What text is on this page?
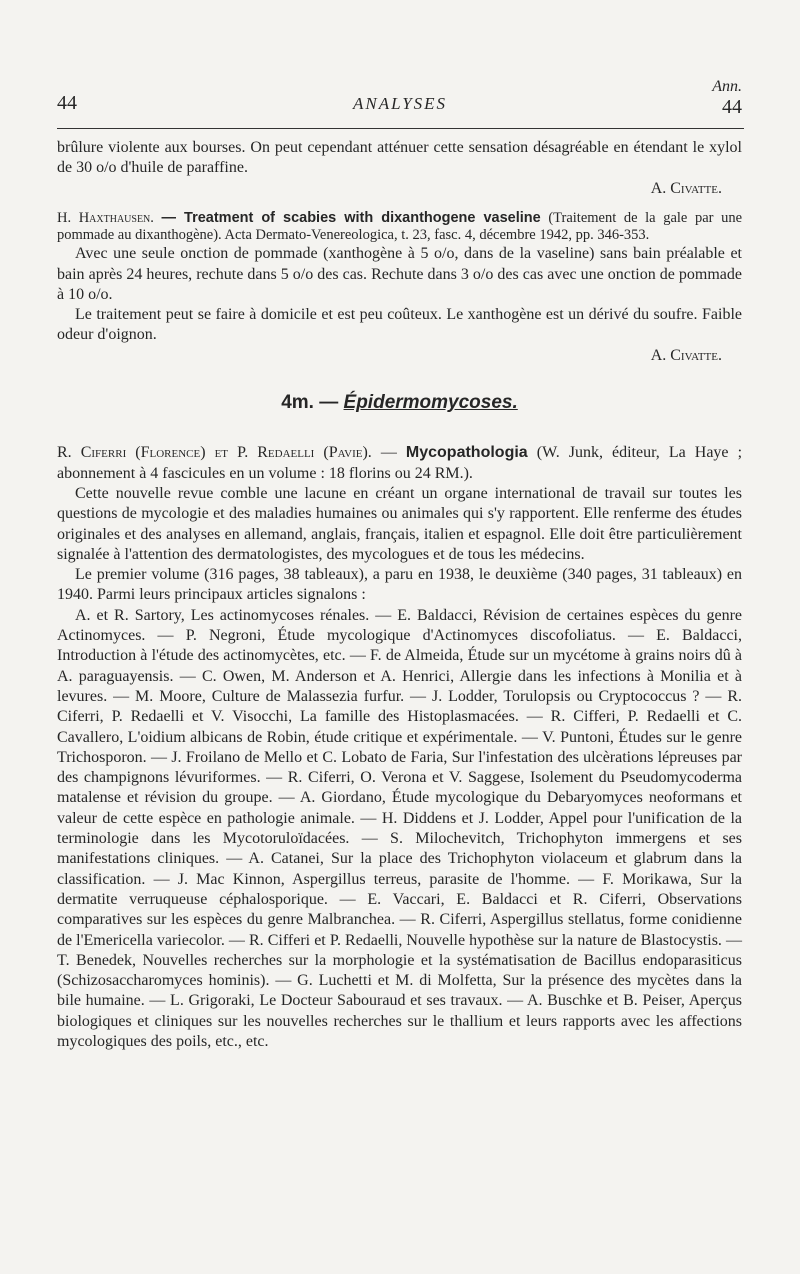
Ann.
44	ANALYSES	44

brûlure violente aux bourses. On peut cependant atténuer cette sensation désagréable en étendant le xylol de 30 o/o d'huile de paraffine.

A. Civatte.

H. Haxthausen. — Treatment of scabies with dixanthogene vaseline (Traitement de la gale par une pommade au dixanthogène). Acta Dermato-Venereologica, t. 23, fasc. 4, décembre 1942, pp. 346-353.

Avec une seule onction de pommade (xanthogène à 5 o/o, dans de la vaseline) sans bain préalable et bain après 24 heures, rechute dans 5 o/o des cas. Rechute dans 3 o/o des cas avec une onction de pommade à 10 o/o.

Le traitement peut se faire à domicile et est peu coûteux. Le xanthogène est un dérivé du soufre. Faible odeur d'oignon.

A. Civatte.

4m. — Épidermomycoses.

R. Ciferri (Florence) et P. Redaelli (Pavie). — Mycopathologia (W. Junk, éditeur, La Haye ; abonnement à 4 fascicules en un volume : 18 florins ou 24 RM.).

Cette nouvelle revue comble une lacune en créant un organe international de travail sur toutes les questions de mycologie et des maladies humaines ou animales qui s'y rapportent. Elle renferme des études originales et des analyses en allemand, anglais, français, italien et espagnol. Elle doit être particulièrement signalée à l'attention des dermatologistes, des mycologues et de tous les médecins.

Le premier volume (316 pages, 38 tableaux), a paru en 1938, le deuxième (340 pages, 31 tableaux) en 1940. Parmi leurs principaux articles signalons :

A. et R. Sartory, Les actinomycoses rénales. — E. Baldacci, Révision de certaines espèces du genre Actinomyces. — P. Negroni, Étude mycologique d'Actinomyces discofoliatus. — E. Baldacci, Introduction à l'étude des actinomycètes, etc. — F. de Almeida, Étude sur un mycétome à grains noirs dû à A. paraguayensis. — C. Owen, M. Anderson et A. Henrici, Allergie dans les infections à Monilia et à levures. — M. Moore, Culture de Malassezia furfur. — J. Lodder, Torulopsis ou Cryptococcus ? — R. Ciferri, P. Redaelli et V. Visocchi, La famille des Histoplasmacées. — R. Cifferi, P. Redaelli et C. Cavallero, L'oidium albicans de Robin, étude critique et expérimentale. — V. Puntoni, Études sur le genre Trichosporon. — J. Froilano de Mello et C. Lobato de Faria, Sur l'infestation des ulcèrations lépreuses par des champignons lévuriformes. — R. Ciferri, O. Verona et V. Saggese, Isolement du Pseudomycoderma matalense et révision du groupe. — A. Giordano, Étude mycologique du Debaryomyces neoformans et valeur de cette espèce en pathologie animale. — H. Diddens et J. Lodder, Appel pour l'unification de la terminologie dans les Mycotoruloïdacées. — S. Milochevitch, Trichophyton immergens et ses manifestations cliniques. — A. Catanei, Sur la place des Trichophyton violaceum et glabrum dans la classification. — J. Mac Kinnon, Aspergillus terreus, parasite de l'homme. — F. Morikawa, Sur la dermatite verruqueuse céphalosporique. — E. Vaccari, E. Baldacci et R. Ciferri, Observations comparatives sur les espèces du genre Malbranchea. — R. Ciferri, Aspergillus stellatus, forme conidienne de l'Emericella variecolor. — R. Cifferi et P. Redaelli, Nouvelle hypothèse sur la nature de Blastocystis. — T. Benedek, Nouvelles recherches sur la morphologie et la systématisation de Bacillus endoparasiticus (Schizosaccharomyces hominis). — G. Luchetti et M. di Molfetta, Sur la présence des mycètes dans la bile humaine. — L. Grigoraki, Le Docteur Sabouraud et ses travaux. — A. Buschke et B. Peiser, Aperçus biologiques et cliniques sur les nouvelles recherches sur le thallium et leurs rapports avec les affections mycologiques des poils, etc., etc.
